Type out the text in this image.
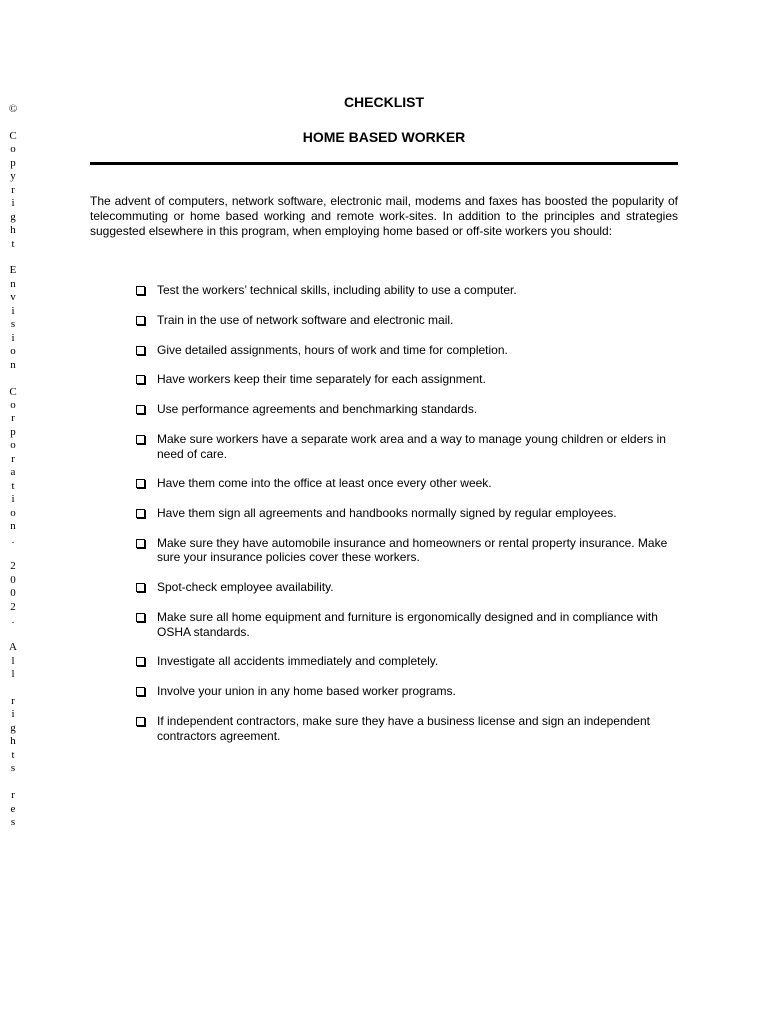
©

C
o
p
y
r
i
g
h
t

E
n
v
i
s
i
o
n

C
o
r
p
o
r
a
t
i
o
n
.

2
0
0
2
.

A
l
l

r
i
g
h
t
s

r
e
s
CHECKLIST
HOME BASED WORKER

The advent of computers, network software, electronic mail, modems and faxes has boosted the popularity of telecommuting or home based working and remote work-sites. In addition to the principles and strategies suggested elsewhere in this program, when employing home based or off-site workers you should:

Test the workers’ technical skills, including ability to use a computer.
Train in the use of network software and electronic mail.
Give detailed assignments, hours of work and time for completion.
Have workers keep their time separately for each assignment.
Use performance agreements and benchmarking standards.
Make sure workers have a separate work area and a way to manage young children or elders in need of care.
Have them come into the office at least once every other week.
Have them sign all agreements and handbooks normally signed by regular employees.
Make sure they have automobile insurance and homeowners or rental property insurance. Make sure your insurance policies cover these workers.
Spot-check employee availability.
Make sure all home equipment and furniture is ergonomically designed and in compliance with OSHA standards.
Investigate all accidents immediately and completely.
Involve your union in any home based worker programs.
If independent contractors, make sure they have a business license and sign an independent contractors agreement.
